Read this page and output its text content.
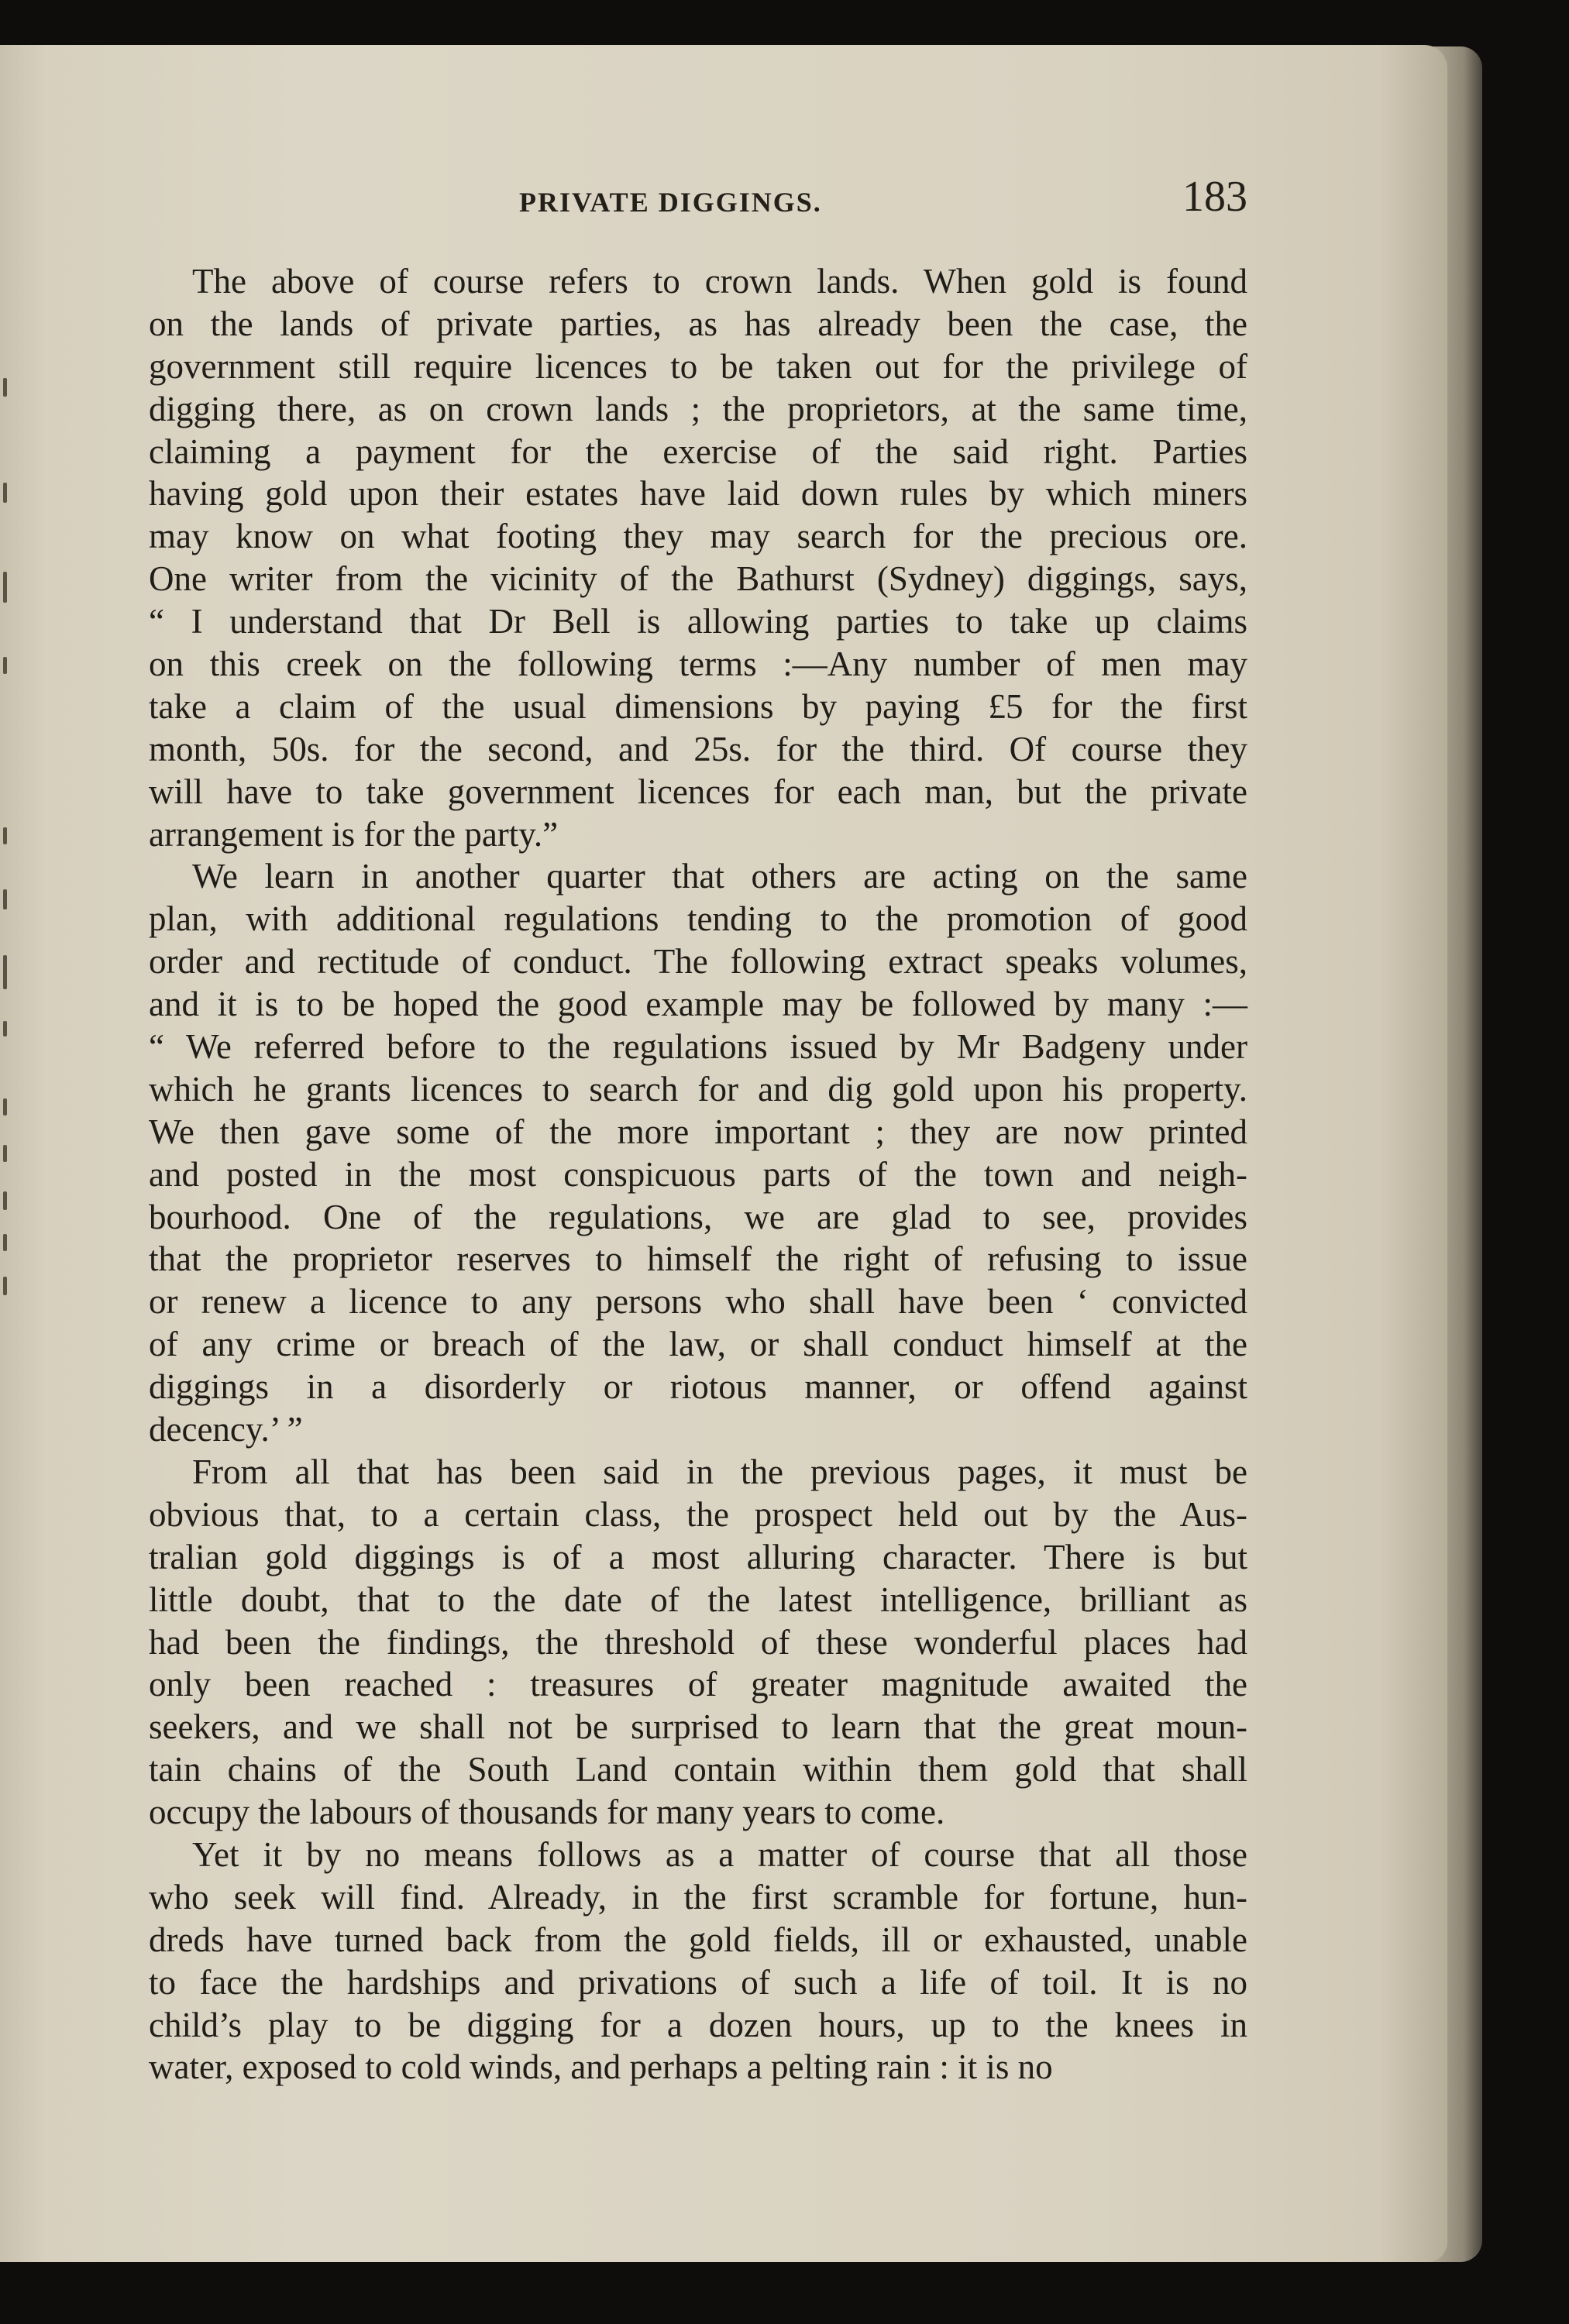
PRIVATE DIGGINGS.	183
The above of course refers to crown lands. When gold is found
on the lands of private parties, as has already been the case, the
government still require licences to be taken out for the privilege of
digging there, as on crown lands ; the proprietors, at the same time,
claiming a payment for the exercise of the said right. Parties
having gold upon their estates have laid down rules by which miners
may know on what footing they may search for the precious ore.
One writer from the vicinity of the Bathurst (Sydney) diggings, says,
“ I understand that Dr Bell is allowing parties to take up claims
on this creek on the following terms :—Any number of men may
take a claim of the usual dimensions by paying £5 for the first
month, 50s. for the second, and 25s. for the third. Of course they
will have to take government licences for each man, but the private
arrangement is for the party.”
We learn in another quarter that others are acting on the same
plan, with additional regulations tending to the promotion of good
order and rectitude of conduct. The following extract speaks volumes,
and it is to be hoped the good example may be followed by many :—
“ We referred before to the regulations issued by Mr Badgeny under
which he grants licences to search for and dig gold upon his property.
We then gave some of the more important ; they are now printed
and posted in the most conspicuous parts of the town and neigh-
bourhood. One of the regulations, we are glad to see, provides
that the proprietor reserves to himself the right of refusing to issue
or renew a licence to any persons who shall have been ‘ convicted
of any crime or breach of the law, or shall conduct himself at the
diggings in a disorderly or riotous manner, or offend against
decency.’ ”
From all that has been said in the previous pages, it must be
obvious that, to a certain class, the prospect held out by the Aus-
tralian gold diggings is of a most alluring character. There is but
little doubt, that to the date of the latest intelligence, brilliant as
had been the findings, the threshold of these wonderful places had
only been reached : treasures of greater magnitude awaited the
seekers, and we shall not be surprised to learn that the great moun-
tain chains of the South Land contain within them gold that shall
occupy the labours of thousands for many years to come.
Yet it by no means follows as a matter of course that all those
who seek will find. Already, in the first scramble for fortune, hun-
dreds have turned back from the gold fields, ill or exhausted, unable
to face the hardships and privations of such a life of toil. It is no
child’s play to be digging for a dozen hours, up to the knees in
water, exposed to cold winds, and perhaps a pelting rain : it is no
